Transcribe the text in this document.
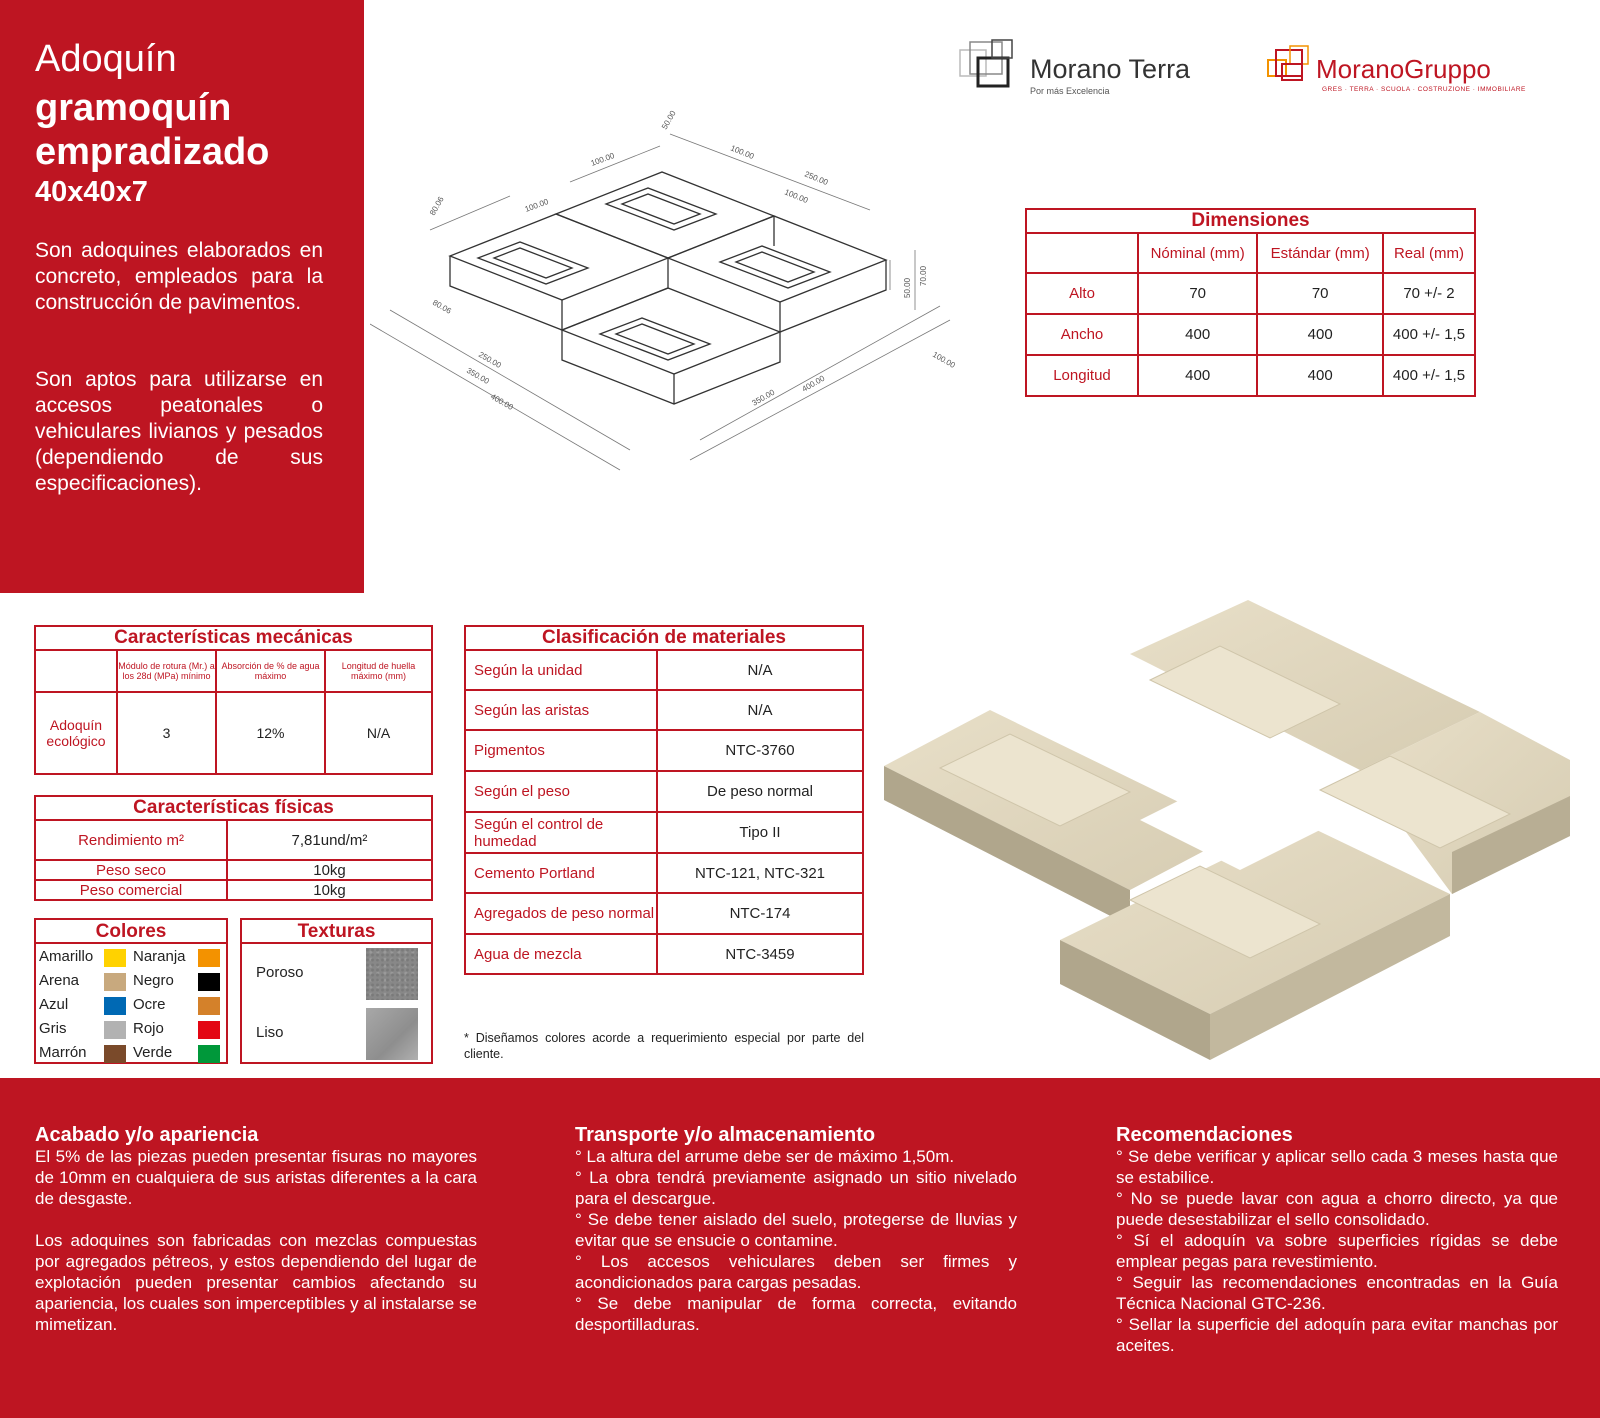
Adoquín
gramoquín
empradizado
40x40x7
Son adoquines elaborados en concreto, empleados para la construcción de pavimentos.
Son aptos para utilizarse en accesos peatonales o vehiculares livianos y pesados (dependiendo de sus especificaciones).
Morano Terra
Por más Excelencia
MoranoGruppo
GRES · TERRA · SCUOLA · COSTRUZIONE · IMMOBILIARE
50.00
100.00	100.00
250.00
100.00
80.06	100.00
80.06
50.00
70.00
250.00
350.00
400.00	350.00
400.00
100.00
Dimensiones			
	Nóminal (mm)	Estándar (mm)	Real (mm)
Alto	70	70	70 +/- 2
Ancho	400	400	400 +/- 1,5
Longitud	400	400	400 +/- 1,5
Características mecánicas			
	Módulo de rotura (Mr.) a los 28d (MPa) mínimo	Absorción de % de agua máximo	Longitud de huella máximo (mm)
Adoquín ecológico	3	12%	N/A
Características físicas	
Rendimiento m²	7,81und/m²
Peso seco	10kg
Peso comercial	10kg
Colores
Amarillo	Naranja
Arena	Negro
Azul	Ocre
Gris	Rojo
Marrón	Verde
Texturas
Poroso
Liso
Clasificación de materiales	
Según la unidad	N/A
Según las aristas	N/A
Pigmentos	NTC-3760
Según el peso	De peso normal
Según el control de humedad	Tipo II
Cemento Portland	NTC-121, NTC-321
Agregados de peso normal	NTC-174
Agua de mezcla	NTC-3459
* Diseñamos colores acorde a requerimiento especial por parte del cliente.
Acabado y/o apariencia

El 5% de las piezas pueden presentar fisuras no mayores de 10mm en cualquiera de sus aristas diferentes a la cara de desgaste.

Los adoquines son fabricadas con mezclas compuestas por agregados pétreos, y estos dependiendo del lugar de explotación pueden presentar cambios afectando su apariencia, los cuales son imperceptibles y al instalarse se mimetizan.

Transporte y/o almacenamiento

° La altura del arrume debe ser de máximo 1,50m.

° La obra tendrá previamente asignado un sitio nivelado para el descargue.

° Se debe tener aislado del suelo, protegerse de lluvias y evitar que se ensucie o contamine.

° Los accesos vehiculares deben ser firmes y acondicionados para cargas pesadas.

° Se debe manipular de forma correcta, evitando desportilladuras.

Recomendaciones

° Se debe verificar y aplicar sello cada 3 meses hasta que se estabilice.

° No se puede lavar con agua a chorro directo, ya que puede desestabilizar el sello consolidado.

° Sí el adoquín va sobre superficies rígidas se debe emplear pegas para revestimiento.

° Seguir las recomendaciones encontradas en la Guía Técnica Nacional GTC-236.

° Sellar la superficie del adoquín para evitar manchas por aceites.
